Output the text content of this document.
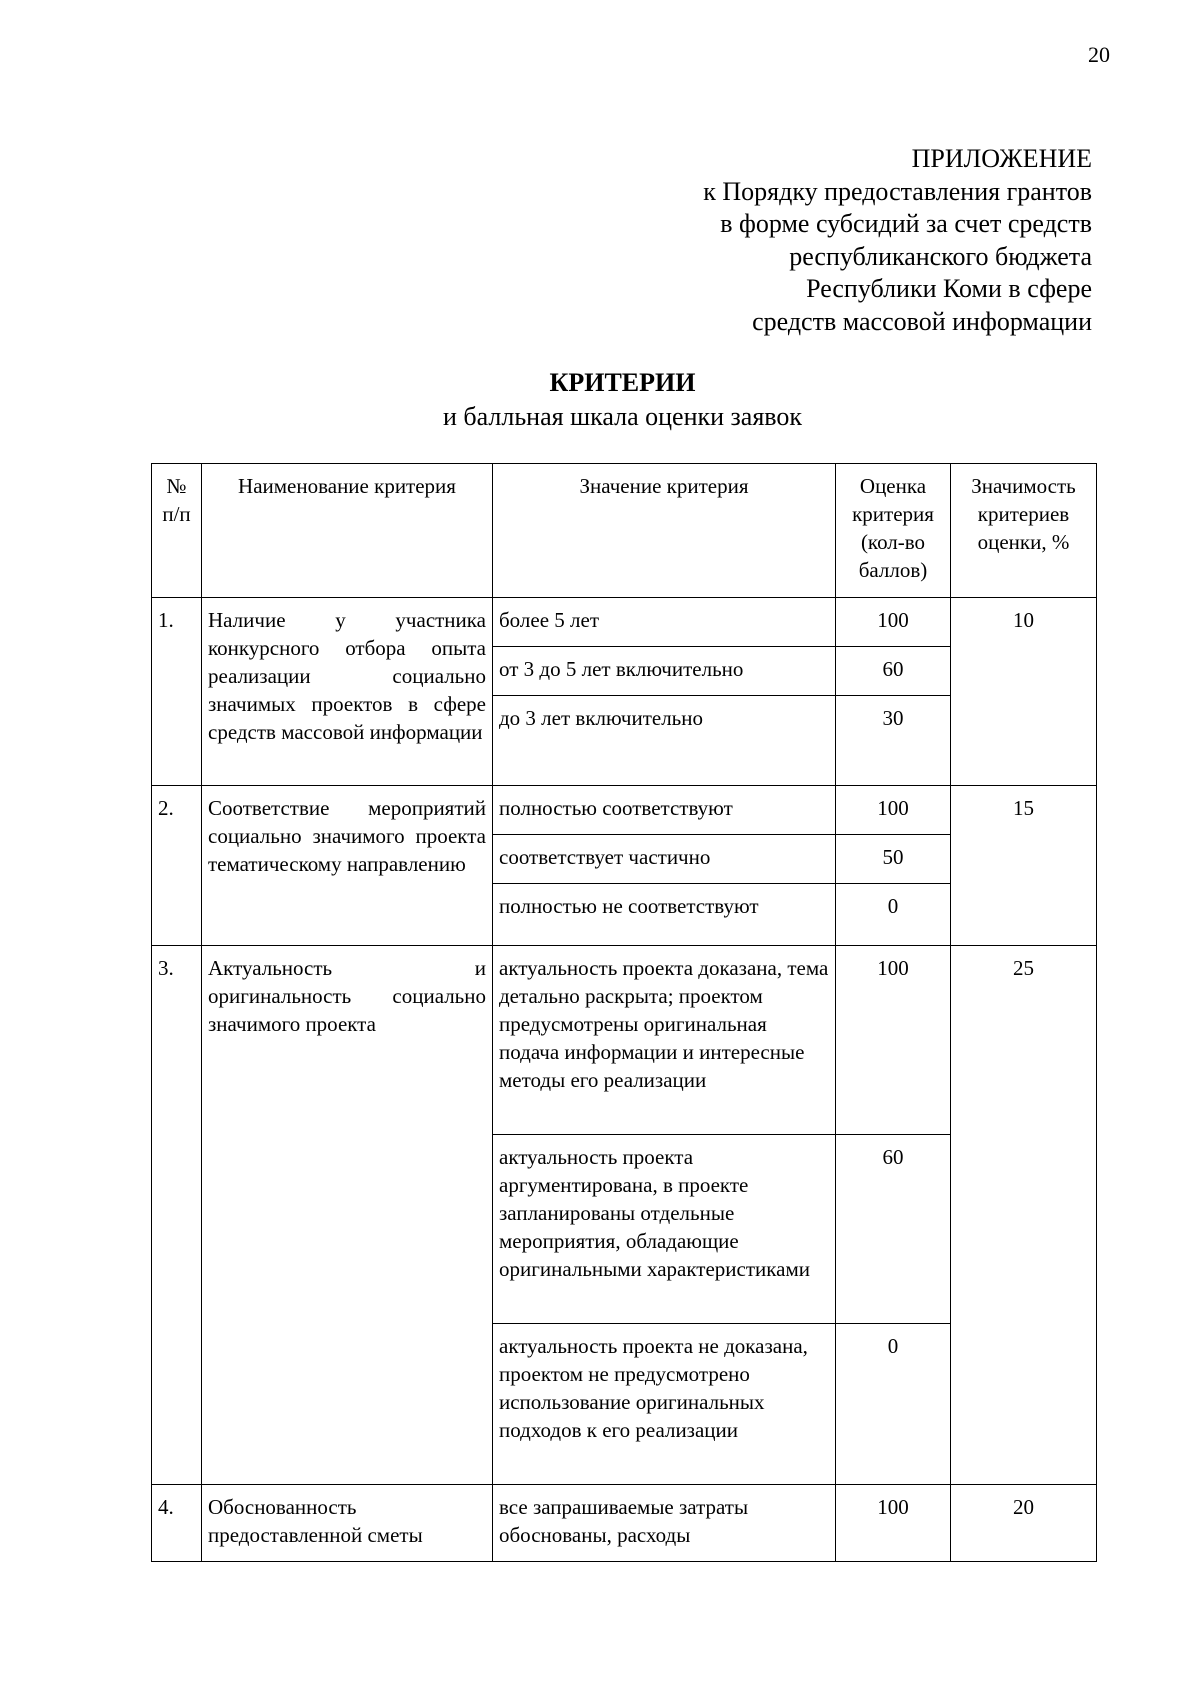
20
ПРИЛОЖЕНИЕ
к Порядку предоставления грантов
в форме субсидий за счет средств
республиканского бюджета
Республики Коми в сфере
средств массовой информации
КРИТЕРИИ
и балльная шкала оценки заявок
№ п/п	Наименование критерия	Значение критерия	Оценка критерия (кол-во баллов)	Значимость критериев оценки, %
1.	Наличие у участника конкурсного отбора опыта реализации социально значимых проектов в сфере средств массовой информации	более 5 лет	100	10
		от 3 до 5 лет включительно	60	
		до 3 лет включительно	30	
2.	Соответствие мероприятий социально значимого проекта тематическому направлению	полностью соответствуют	100	15
		соответствует частично	50	
		полностью не соответствуют	0	
3.	Актуальность и оригинальность социально значимого проекта	актуальность проекта доказана, тема детально раскрыта; проектом предусмотрены оригинальная подача информации и интересные методы его реализации	100	25
		актуальность проекта аргументирована, в проекте запланированы отдельные мероприятия, обладающие оригинальными характеристиками	60	
		актуальность проекта не доказана, проектом не предусмотрено использование оригинальных подходов к его реализации	0	
4.	Обоснованность предоставленной сметы	все запрашиваемые затраты обоснованы, расходы	100	20
